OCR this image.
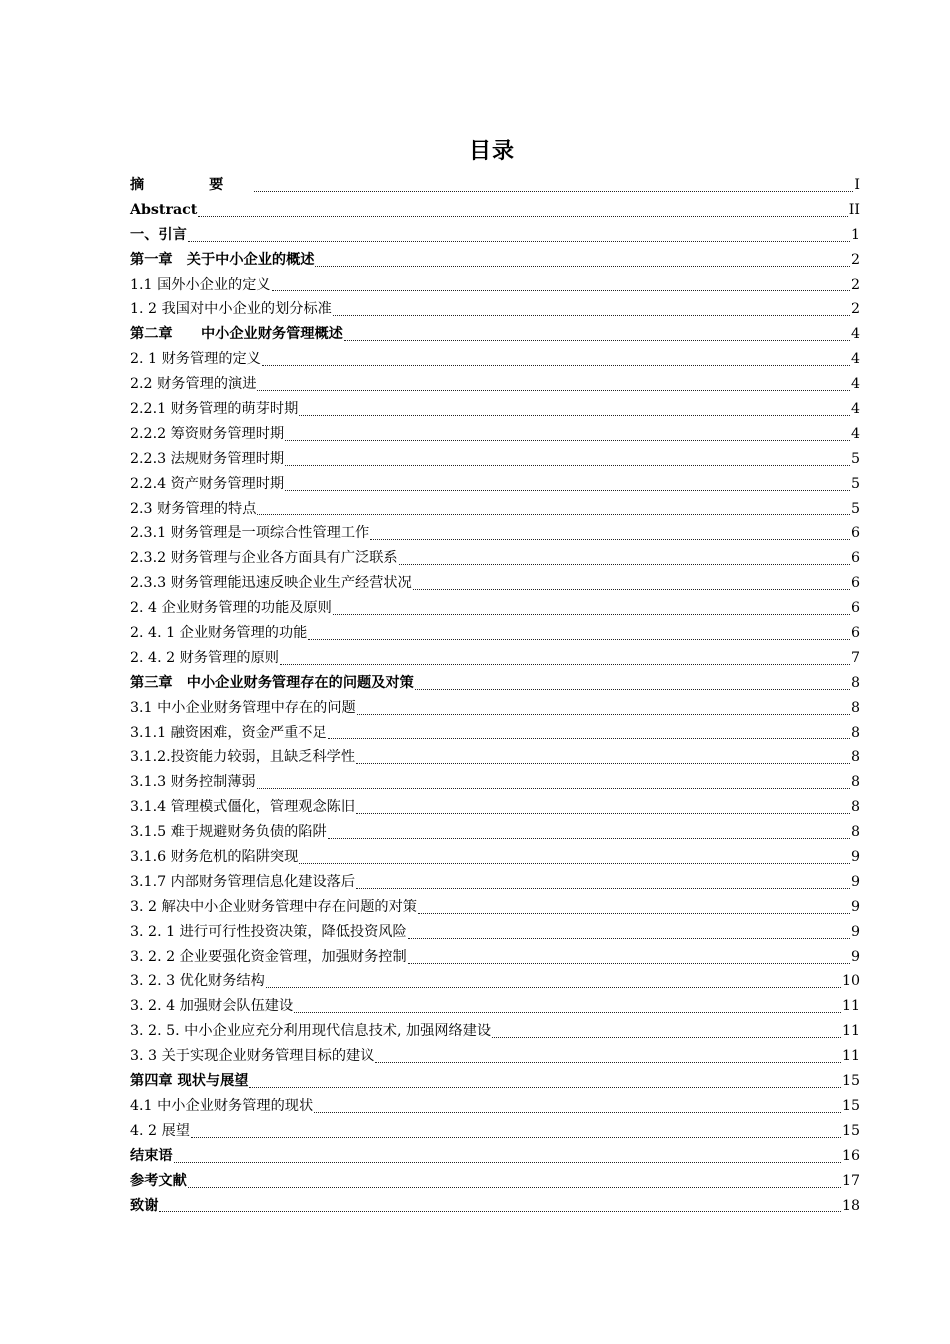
目录
摘 要	I
Abstract	II
一、引言	1
第一章　关于中小企业的概述	2
1.1 国外小企业的定义	2
1. 2 我国对中小企业的划分标准	2
第二章　　中小企业财务管理概述	4
2. 1 财务管理的定义	4
2.2 财务管理的演进	4
2.2.1 财务管理的萌芽时期	4
2.2.2 筹资财务管理时期	4
2.2.3 法规财务管理时期	5
2.2.4 资产财务管理时期	5
2.3 财务管理的特点	5
2.3.1 财务管理是一项综合性管理工作	6
2.3.2 财务管理与企业各方面具有广泛联系	6
2.3.3 财务管理能迅速反映企业生产经营状况	6
2. 4 企业财务管理的功能及原则	6
2. 4. 1 企业财务管理的功能	6
2. 4. 2 财务管理的原则	7
第三章　中小企业财务管理存在的问题及对策	8
3.1 中小企业财务管理中存在的问题	8
3.1.1 融资困难，资金严重不足	8
3.1.2.投资能力较弱，且缺乏科学性	8
3.1.3 财务控制薄弱	8
3.1.4 管理模式僵化，管理观念陈旧	8
3.1.5 难于规避财务负债的陷阱	8
3.1.6 财务危机的陷阱突现	9
3.1.7 内部财务管理信息化建设落后	9
3. 2 解决中小企业财务管理中存在问题的对策	9
3. 2. 1 进行可行性投资决策，降低投资风险	9
3. 2. 2 企业要强化资金管理，加强财务控制	9
3. 2. 3 优化财务结构	10
3. 2. 4 加强财会队伍建设	11
3. 2. 5. 中小企业应充分利用现代信息技术, 加强网络建设	11
3. 3 关于实现企业财务管理目标的建议	11
第四章 现状与展望	15
4.1 中小企业财务管理的现状	15
4. 2 展望	15
结束语	16
参考文献	17
致谢	18
